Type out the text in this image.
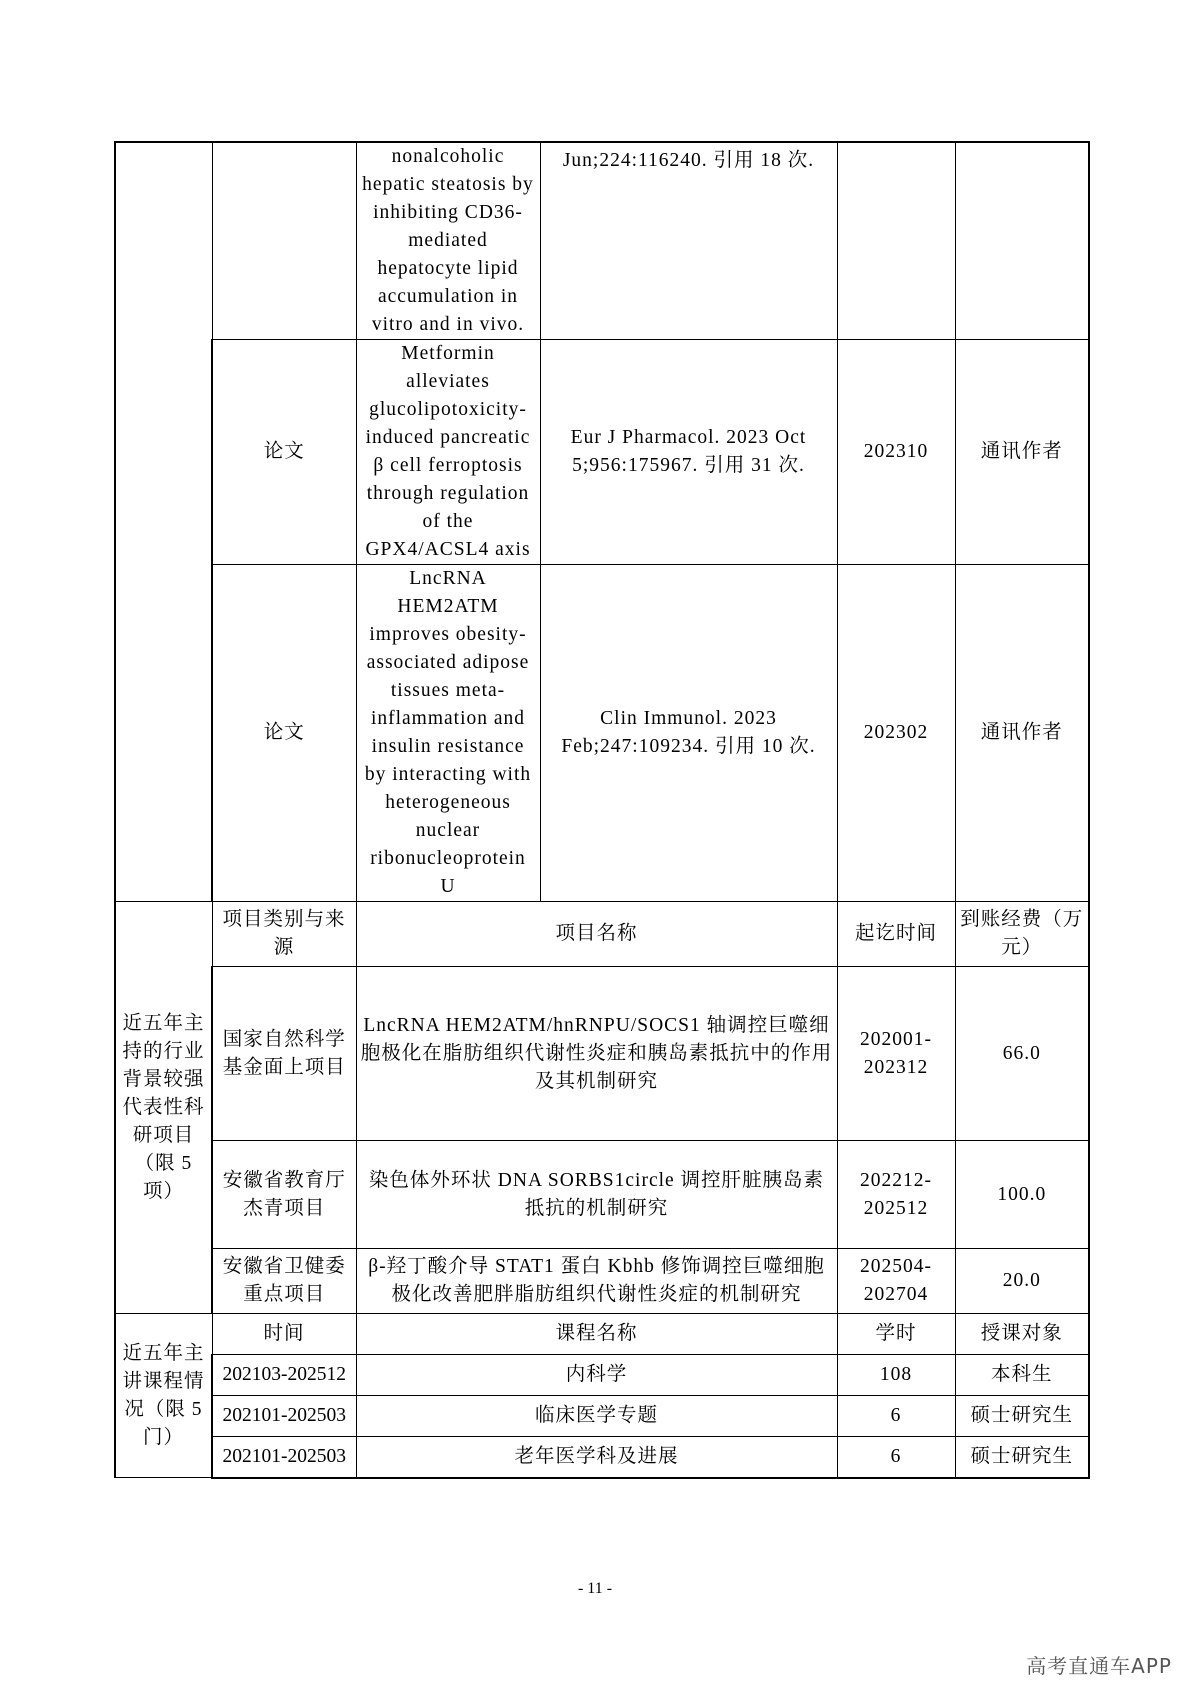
		nonalcoholic hepatic steatosis by inhibiting CD36-mediated hepatocyte lipid accumulation in vitro and in vivo.	Jun;224:116240. 引用 18 次.		
	论文	Metformin alleviates glucolipotoxicity-induced pancreatic β cell ferroptosis through regulation of the GPX4/ACSL4 axis	Eur J Pharmacol. 2023 Oct 5;956:175967. 引用 31 次.	202310	通讯作者
	论文	LncRNA HEM2ATM improves obesity-associated adipose tissues meta-inflammation and insulin resistance by interacting with heterogeneous nuclear ribonucleoprotein U	Clin Immunol. 2023 Feb;247:109234. 引用 10 次.	202302	通讯作者
近五年主持的行业背景较强代表性科研项目（限 5 项）	项目类别与来源	项目名称		起讫时间	到账经费（万元）
	国家自然科学基金面上项目	LncRNA HEM2ATM/hnRNPU/SOCS1 轴调控巨噬细胞极化在脂肪组织代谢性炎症和胰岛素抵抗中的作用及其机制研究		202001-202312	66.0
	安徽省教育厅杰青项目	染色体外环状 DNA SORBS1circle 调控肝脏胰岛素抵抗的机制研究		202212-202512	100.0
	安徽省卫健委重点项目	β-羟丁酸介导 STAT1 蛋白 Kbhb 修饰调控巨噬细胞极化改善肥胖脂肪组织代谢性炎症的机制研究		202504-202704	20.0
近五年主讲课程情况（限 5 门）	时间	课程名称		学时	授课对象
	202103-202512	内科学		108	本科生
	202101-202503	临床医学专题		6	硕士研究生
	202101-202503	老年医学科及进展		6	硕士研究生
- 11 -
高考直通车APP
